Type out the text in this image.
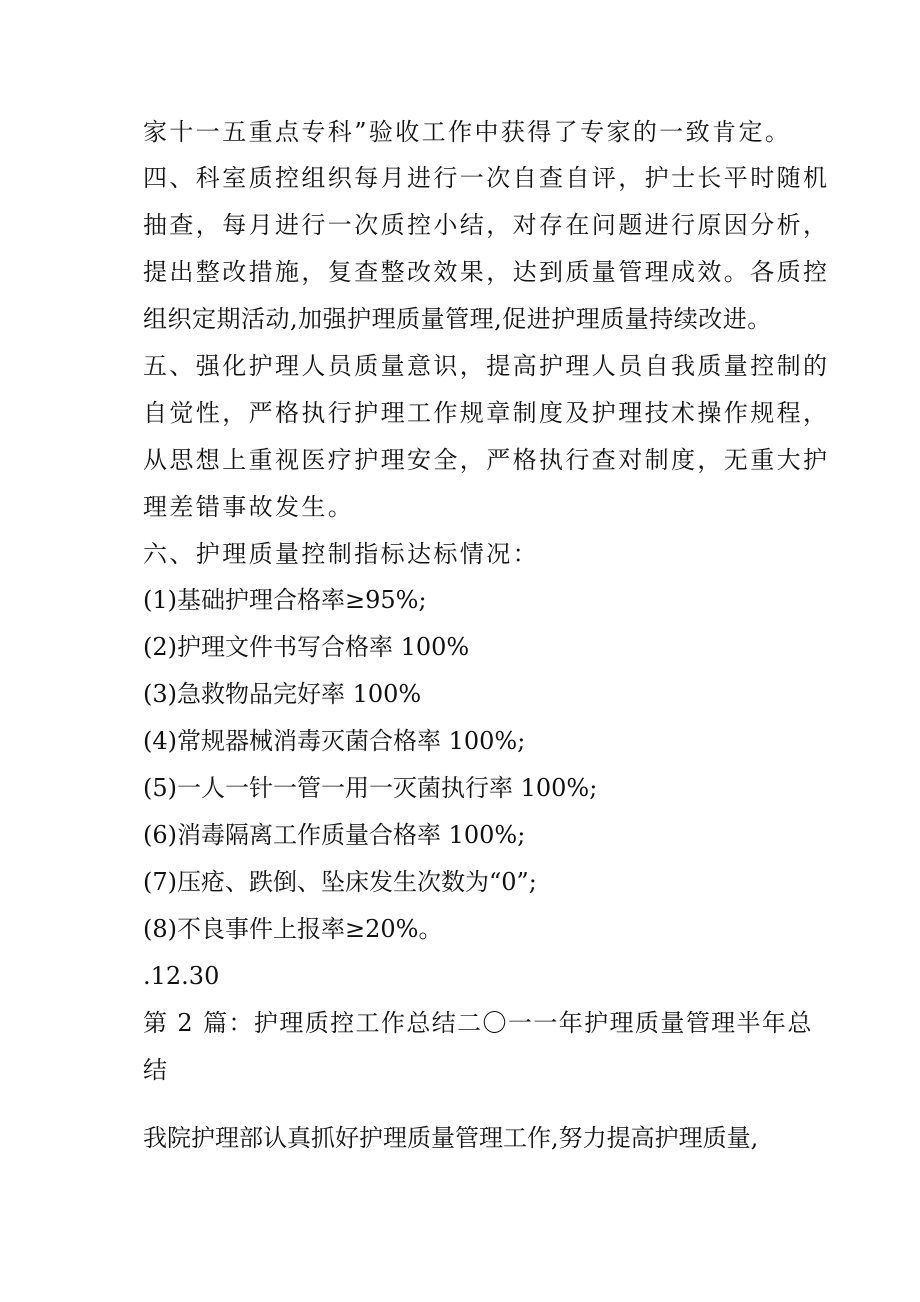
家十一五重点专科”验收工作中获得了专家的一致肯定。
四、科室质控组织每月进行一次自查自评，护士长平时随机
抽查，每月进行一次质控小结，对存在问题进行原因分析，
提出整改措施，复查整改效果，达到质量管理成效。各质控
组织定期活动,加强护理质量管理,促进护理质量持续改进。
五、强化护理人员质量意识，提高护理人员自我质量控制的
自觉性，严格执行护理工作规章制度及护理技术操作规程，
从思想上重视医疗护理安全，严格执行查对制度，无重大护
理差错事故发生。
六、护理质量控制指标达标情况：
(1)基础护理合格率≥95%;
(2)护理文件书写合格率 100%
(3)急救物品完好率 100%
(4)常规器械消毒灭菌合格率 100%;
(5)一人一针一管一用一灭菌执行率 100%;
(6)消毒隔离工作质量合格率 100%;
(7)压疮、跌倒、坠床发生次数为“0”;
(8)不良事件上报率≥20%。
.12.30
第 2 篇：护理质控工作总结二〇一一年护理质量管理半年总
结
我院护理部认真抓好护理质量管理工作,努力提高护理质量,
